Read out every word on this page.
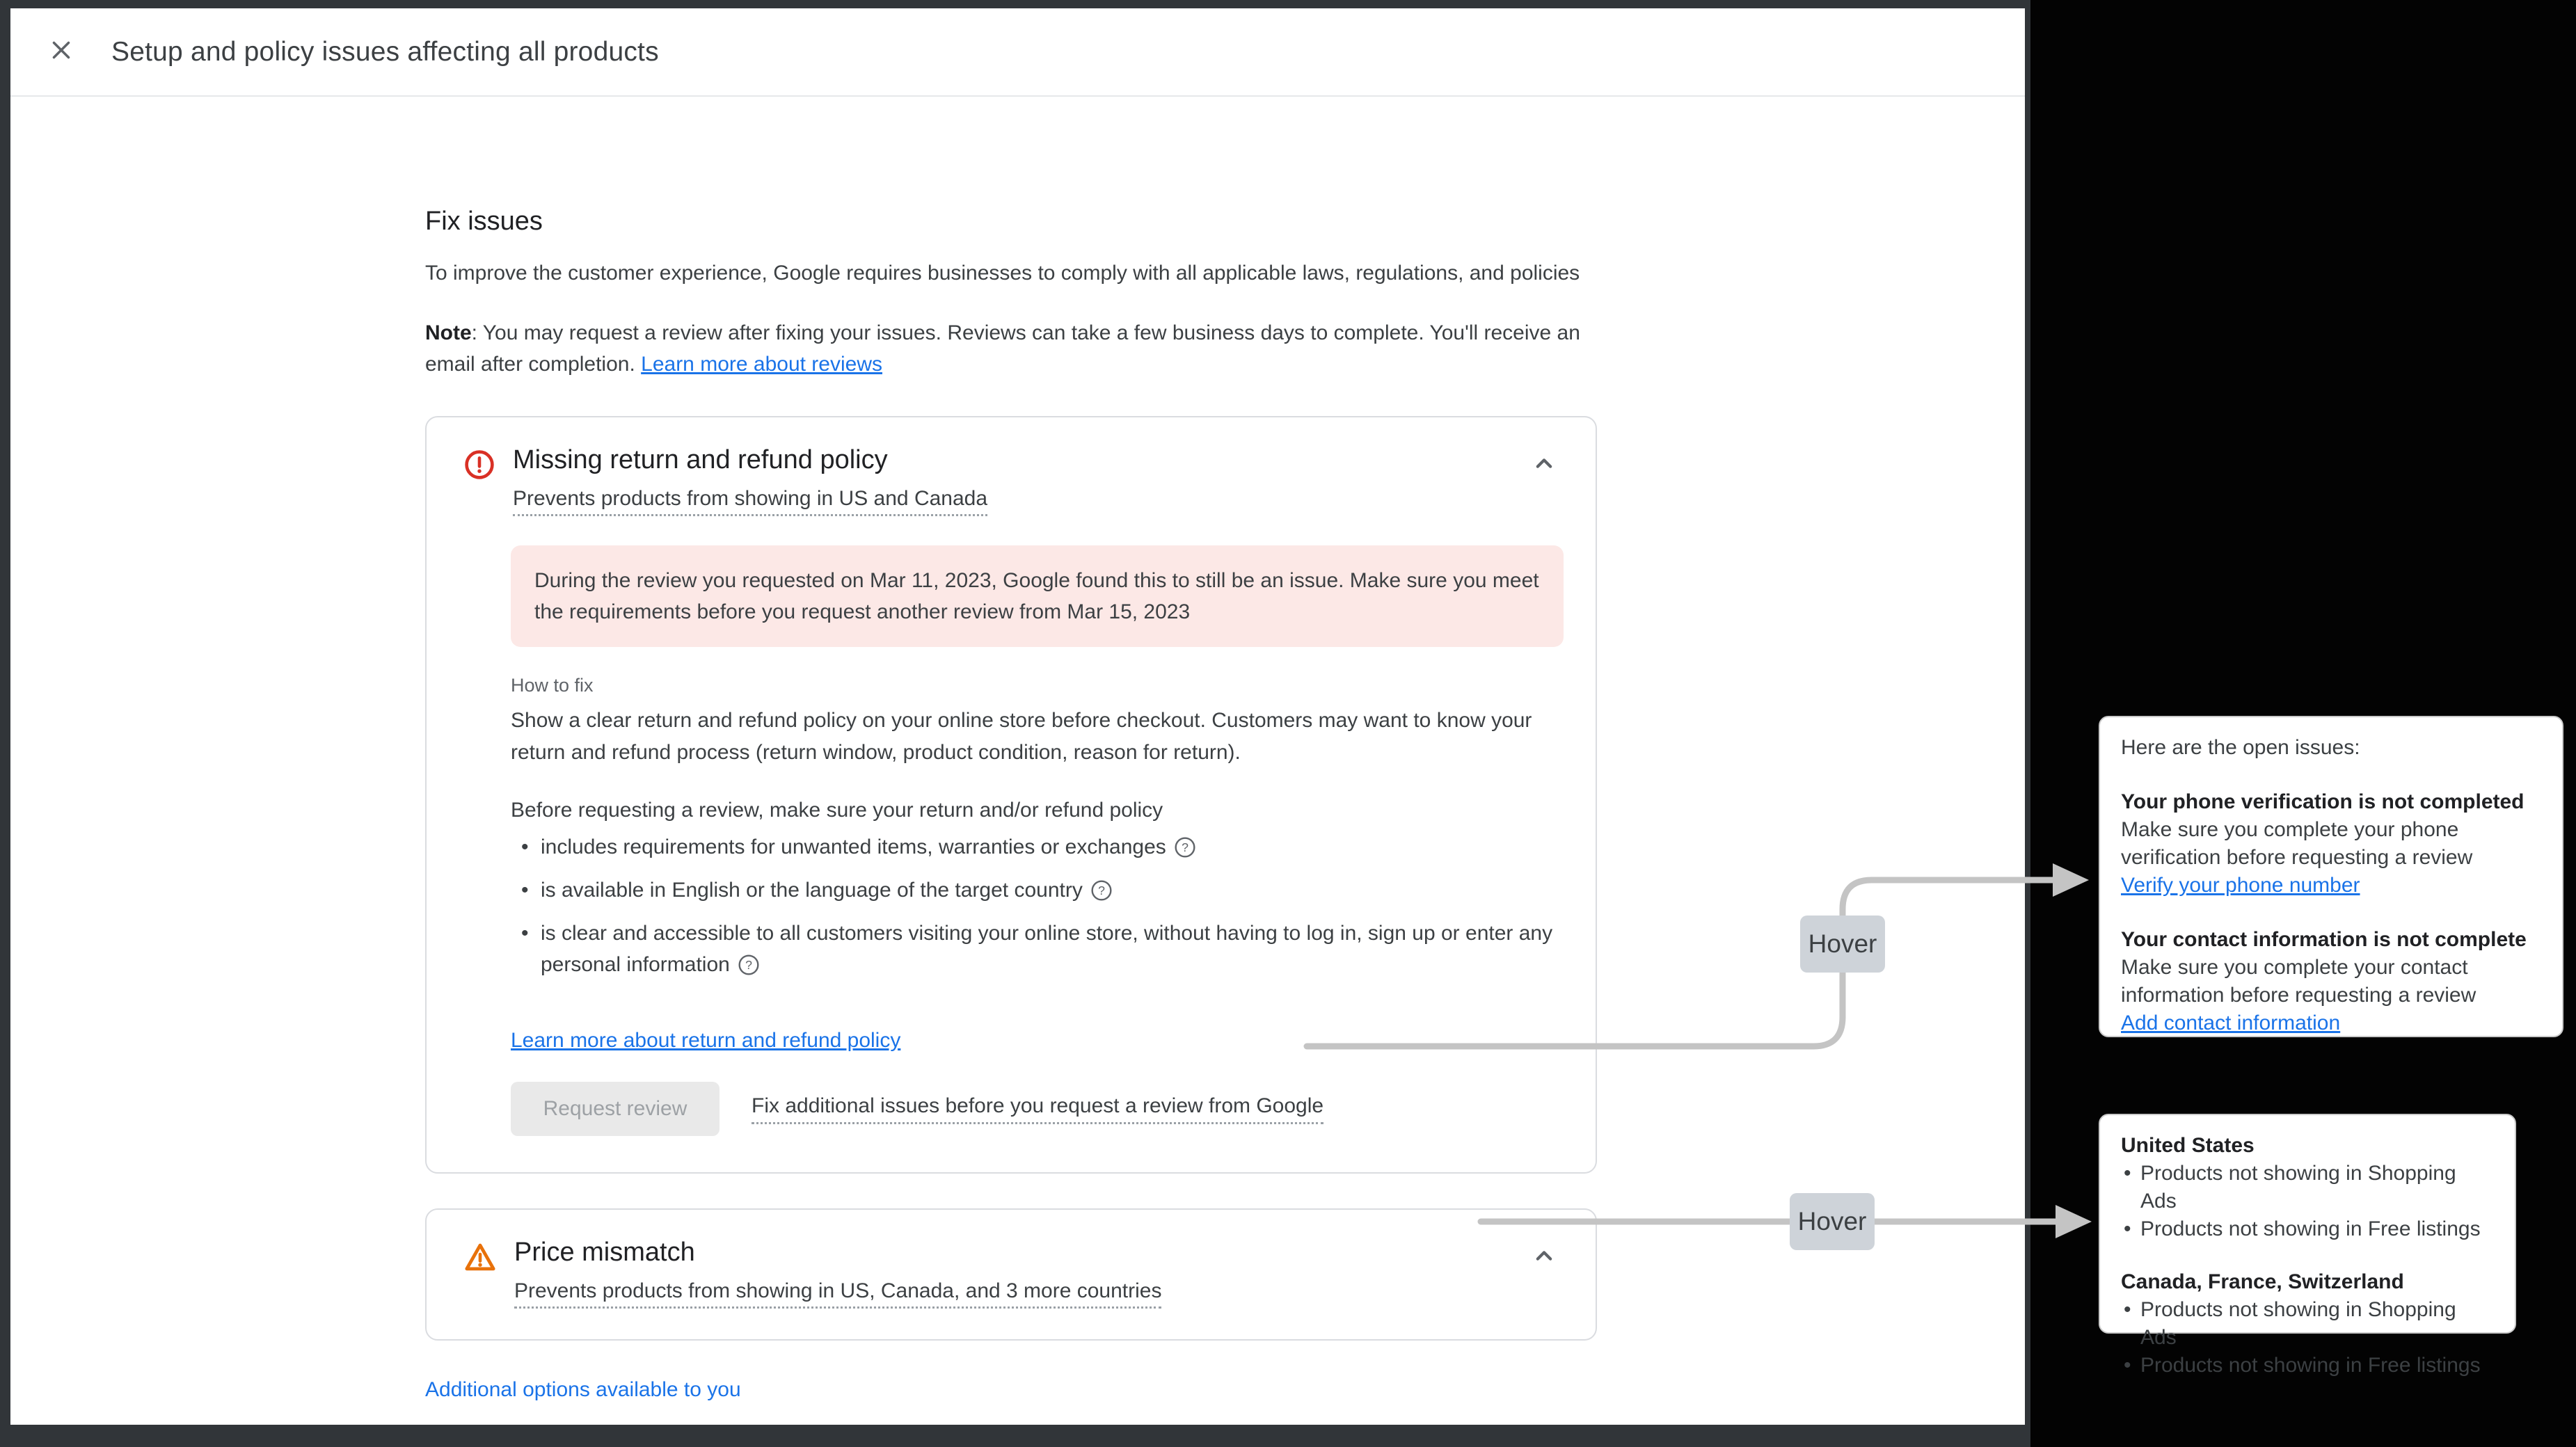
Setup and policy issues affecting all products
Fix issues
To improve the customer experience, Google requires businesses to comply with all applicable laws, regulations, and policies
Note: You may request a review after fixing your issues. Reviews can take a few business days to complete. You'll receive an email after completion. Learn more about reviews
Missing return and refund policy
Prevents products from showing in US and Canada
During the review you requested on Mar 11, 2023, Google found this to still be an issue. Make sure you meet the requirements before you request another review from Mar 15, 2023
How to fix
Show a clear return and refund policy on your online store before checkout. Customers may want to know your return and refund process (return window, product condition, reason for return).
Before requesting a review, make sure your return and/or refund policy
• includes requirements for unwanted items, warranties or exchanges ?
• is available in English or the language of the target country ?
• is clear and accessible to all customers visiting your online store, without having to log in, sign up or enter any personal information ?
Learn more about return and refund policy
Request review	Fix additional issues before you request a review from Google
Price mismatch
Prevents products from showing in US, Canada, and 3 more countries
Additional options available to you
Hover
Hover
Here are the open issues:
Your phone verification is not completed
Make sure you complete your phone verification before requesting a review
Verify your phone number
Your contact information is not complete
Make sure you complete your contact information before requesting a review
Add contact information
United States
• Products not showing in Shopping Ads
• Products not showing in Free listings
Canada, France, Switzerland
• Products not showing in Shopping Ads
• Products not showing in Free listings
